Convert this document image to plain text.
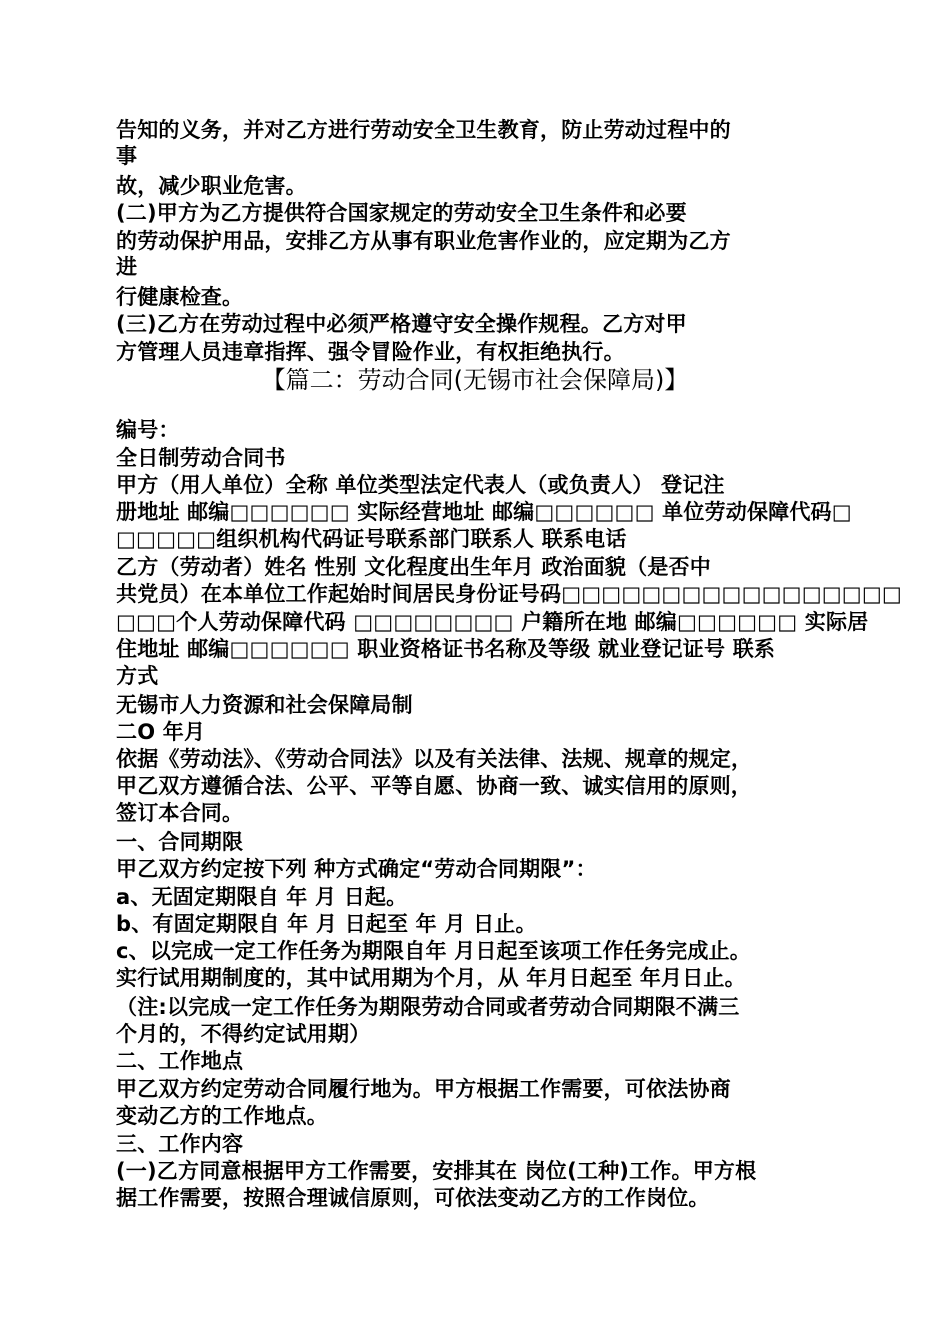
告知的义务，并对乙方进行劳动安全卫生教育，防止劳动过程中的
事
故，减少职业危害。
(二)甲方为乙方提供符合国家规定的劳动安全卫生条件和必要
的劳动保护用品，安排乙方从事有职业危害作业的，应定期为乙方
进
行健康检查。
(三)乙方在劳动过程中必须严格遵守安全操作规程。乙方对甲
方管理人员违章指挥、强令冒险作业，有权拒绝执行。
【篇二：劳动合同(无锡市社会保障局)】
编号：
全日制劳动合同书
甲方（用人单位）全称 单位类型法定代表人（或负责人） 登记注
册地址 邮编□□□□□□ 实际经营地址 邮编□□□□□□ 单位劳动保障代码□
□□□□□组织机构代码证号联系部门联系人 联系电话
乙方（劳动者）姓名 性别 文化程度出生年月 政治面貌（是否中
共党员）在本单位工作起始时间居民身份证号码□□□□□□□□□□□□□□□□□
□□□个人劳动保障代码 □□□□□□□□ 户籍所在地 邮编□□□□□□ 实际居
住地址 邮编□□□□□□ 职业资格证书名称及等级 就业登记证号 联系
方式
无锡市人力资源和社会保障局制
二O 年月
依据《劳动法》、《劳动合同法》以及有关法律、法规、规章的规定，
甲乙双方遵循合法、公平、平等自愿、协商一致、诚实信用的原则，
签订本合同。
一、合同期限
甲乙双方约定按下列 种方式确定“劳动合同期限”：
a、无固定期限自 年 月 日起。
b、有固定期限自 年 月 日起至 年 月 日止。
c、以完成一定工作任务为期限自年 月日起至该项工作任务完成止。
实行试用期制度的，其中试用期为个月，从 年月日起至 年月日止。
（注:以完成一定工作任务为期限劳动合同或者劳动合同期限不满三
个月的，不得约定试用期）
二、工作地点
甲乙双方约定劳动合同履行地为。甲方根据工作需要，可依法协商
变动乙方的工作地点。
三、工作内容
(一)乙方同意根据甲方工作需要，安排其在 岗位(工种)工作。甲方根
据工作需要，按照合理诚信原则，可依法变动乙方的工作岗位。
